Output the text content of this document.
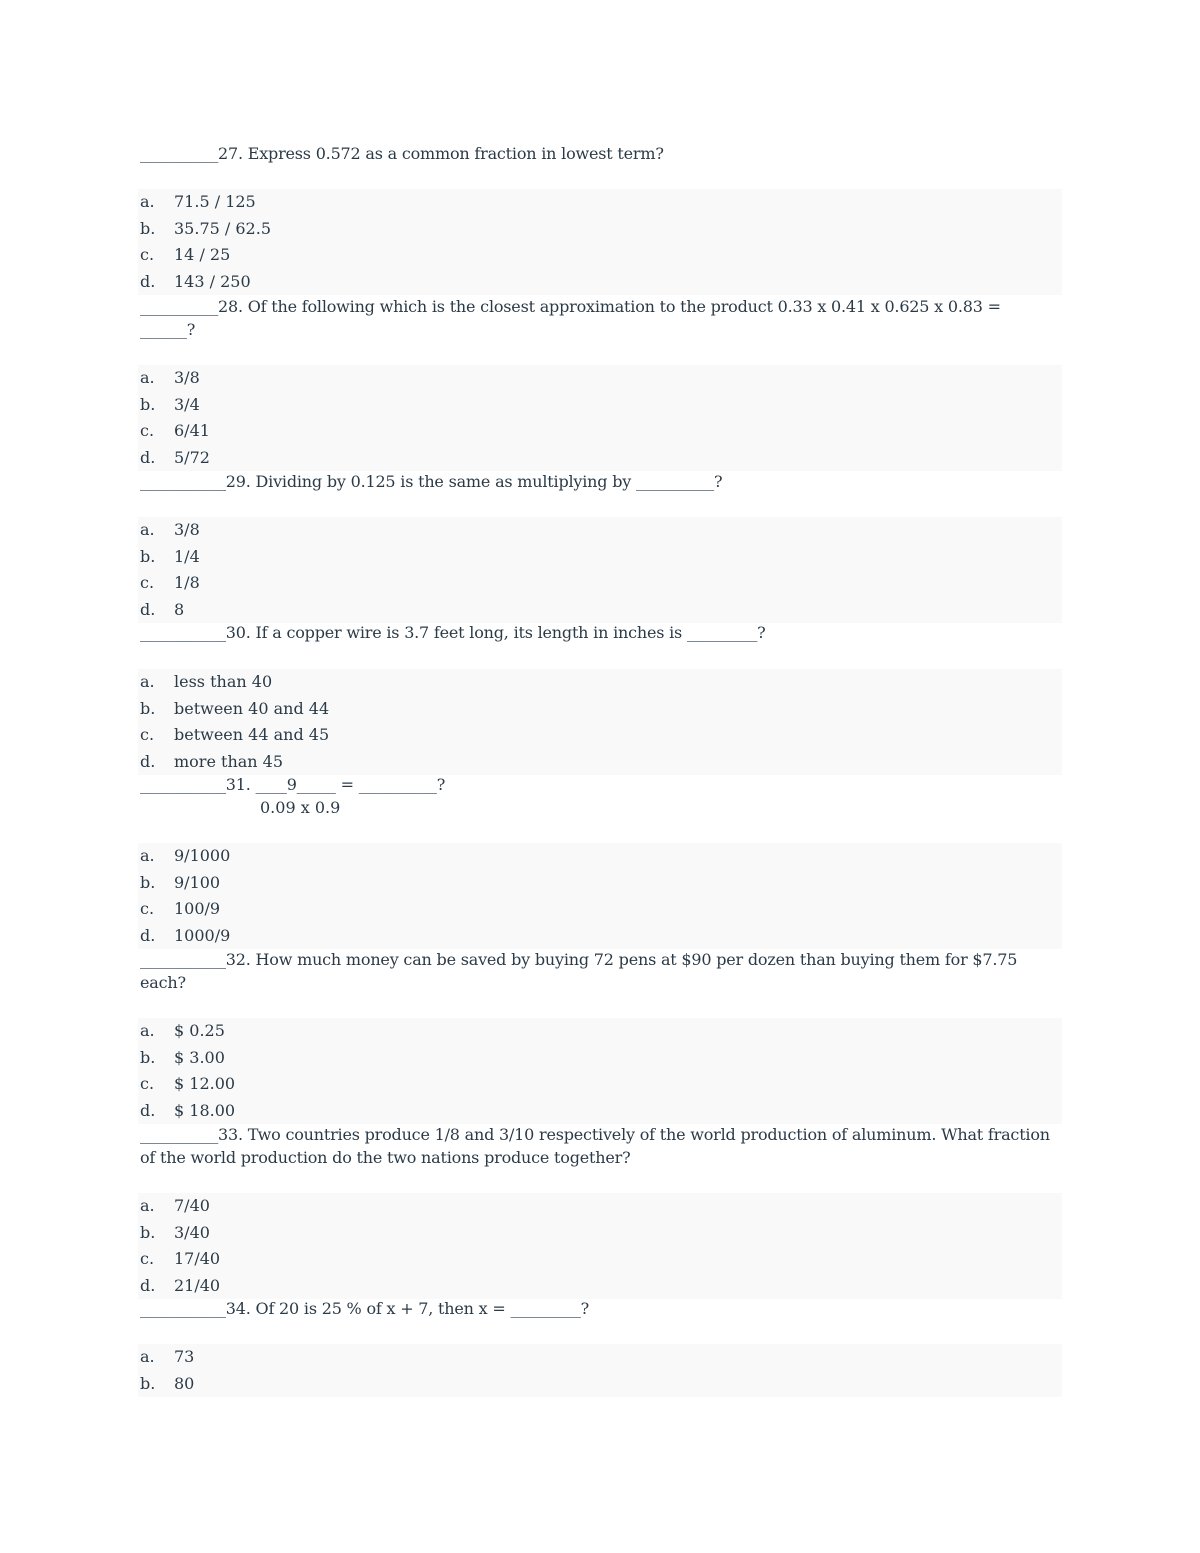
__________27. Express 0.572 as a common fraction in lowest term?
a. 71.5 / 125
b. 35.75 / 62.5
c. 14 / 25
d. 143 / 250
__________28. Of the following which is the closest approximation to the product 0.33 x 0.41 x 0.625 x 0.83 = ______?
a. 3/8
b. 3/4
c. 6/41
d. 5/72
___________29. Dividing by 0.125 is the same as multiplying by __________?
a. 3/8
b. 1/4
c. 1/8
d. 8
___________30. If a copper wire is 3.7 feet long, its length in inches is _________?
a. less than 40
b. between 40 and 44
c. between 44 and 45
d. more than 45
___________31. ____9_____ = __________?
0.09 x 0.9
a. 9/1000
b. 9/100
c. 100/9
d. 1000/9
___________32. How much money can be saved by buying 72 pens at $90 per dozen than buying them for $7.75 each?
a. $ 0.25
b. $ 3.00
c. $ 12.00
d. $ 18.00
__________33. Two countries produce 1/8 and 3/10 respectively of the world production of aluminum. What fraction of the world production do the two nations produce together?
a. 7/40
b. 3/40
c. 17/40
d. 21/40
___________34. Of 20 is 25 % of x + 7, then x = _________?
a. 73
b. 80
